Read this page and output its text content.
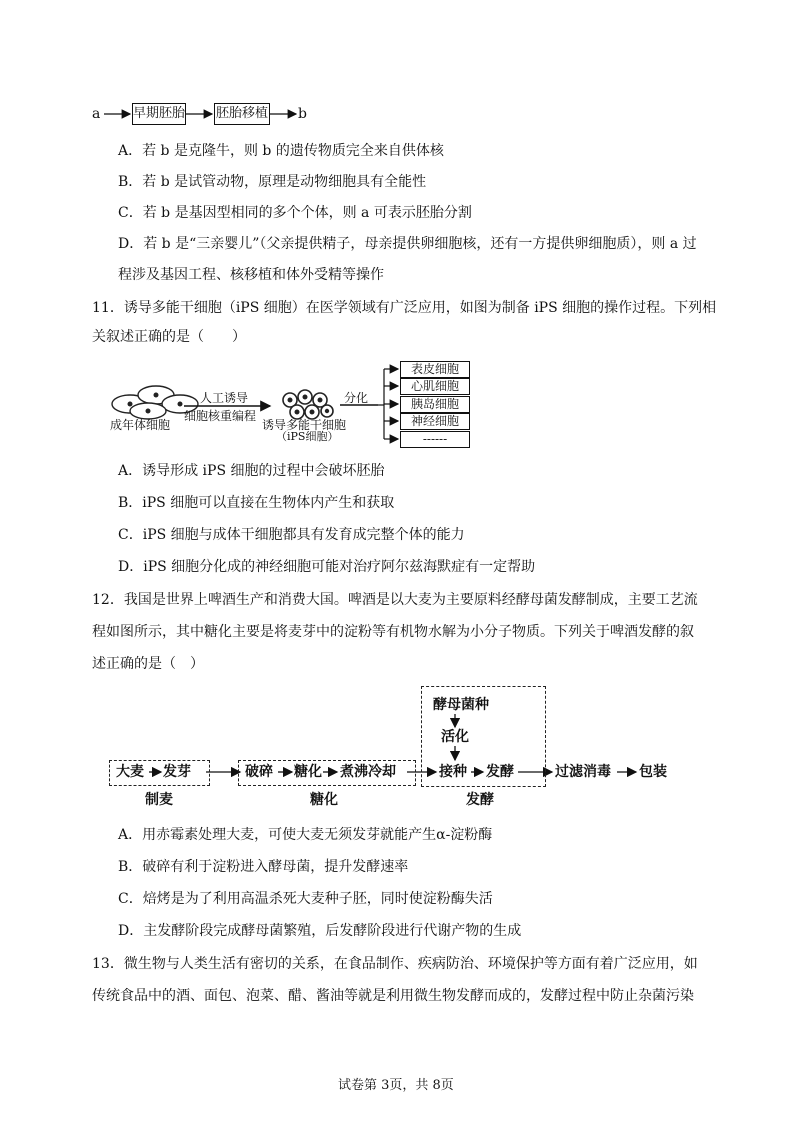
a	早期胚胎 胚胎移植 b
A．若 b 是克隆牛，则 b 的遗传物质完全来自供体核
B．若 b 是试管动物，原理是动物细胞具有全能性
C．若 b 是基因型相同的多个个体，则 a 可表示胚胎分割
D．若 b 是“三亲婴儿”（父亲提供精子，母亲提供卵细胞核，还有一方提供卵细胞质），则 a 过
程涉及基因工程、核移植和体外受精等操作
11．诱导多能干细胞（iPS 细胞）在医学领域有广泛应用，如图为制备 iPS 细胞的操作过程。下列相
关叙述正确的是（　　）
成年体细胞
人工诱导
细胞核重编程
诱导多能干细胞
（iPS细胞）
分化
表皮细胞
心肌细胞
胰岛细胞
神经细胞
------
A．诱导形成 iPS 细胞的过程中会破坏胚胎
B．iPS 细胞可以直接在生物体内产生和获取
C．iPS 细胞与成体干细胞都具有发育成完整个体的能力
D．iPS 细胞分化成的神经细胞可能对治疗阿尔兹海默症有一定帮助
12．我国是世界上啤酒生产和消费大国。啤酒是以大麦为主要原料经酵母菌发酵制成，主要工艺流
程如图所示，其中糖化主要是将麦芽中的淀粉等有机物水解为小分子物质。下列关于啤酒发酵的叙
述正确的是（　）
酵母菌种
活化
大麦 发芽	破碎 糖化 煮沸冷却	接种 发酵	过滤消毒 包装
制麦	糖化	发酵
A．用赤霉素处理大麦，可使大麦无须发芽就能产生α-淀粉酶
B．破碎有利于淀粉进入酵母菌，提升发酵速率
C．焙烤是为了利用高温杀死大麦种子胚，同时使淀粉酶失活
D．主发酵阶段完成酵母菌繁殖，后发酵阶段进行代谢产物的生成
13．微生物与人类生活有密切的关系，在食品制作、疾病防治、环境保护等方面有着广泛应用，如
传统食品中的酒、面包、泡菜、醋、酱油等就是利用微生物发酵而成的，发酵过程中防止杂菌污染
试卷第 3页，共 8页
